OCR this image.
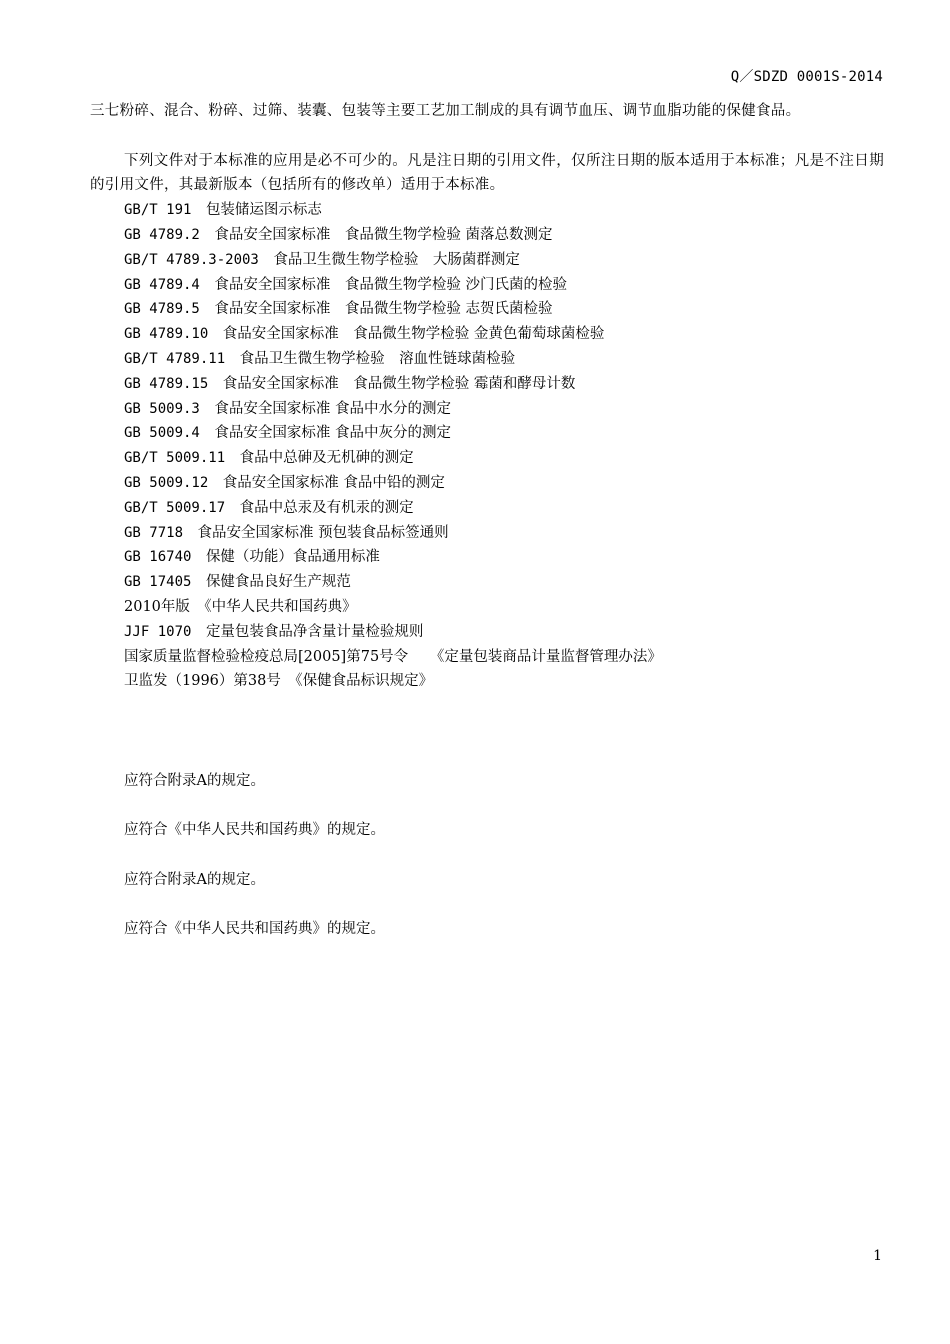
Q／SDZD 0001S-2014
三七粉碎、混合、粉碎、过筛、装囊、包装等主要工艺加工制成的具有调节血压、调节血脂功能的保健食品。

下列文件对于本标准的应用是必不可少的。凡是注日期的引用文件，仅所注日期的版本适用于本标准；凡是不注日期的引用文件，其最新版本（包括所有的修改单）适用于本标准。
GB/T 191　 包装储运图示标志
GB 4789.2　 食品安全国家标准　食品微生物学检验 菌落总数测定
GB/T 4789.3-2003　 食品卫生微生物学检验　大肠菌群测定
GB 4789.4　 食品安全国家标准　食品微生物学检验 沙门氏菌的检验
GB 4789.5　 食品安全国家标准　食品微生物学检验 志贺氏菌检验
GB 4789.10　 食品安全国家标准　食品微生物学检验 金黄色葡萄球菌检验
GB/T 4789.11　 食品卫生微生物学检验　溶血性链球菌检验
GB 4789.15　 食品安全国家标准　食品微生物学检验 霉菌和酵母计数
GB 5009.3　 食品安全国家标准 食品中水分的测定
GB 5009.4　 食品安全国家标准 食品中灰分的测定
GB/T 5009.11　 食品中总砷及无机砷的测定
GB 5009.12　 食品安全国家标准 食品中铅的测定
GB/T 5009.17　 食品中总汞及有机汞的测定
GB 7718　 食品安全国家标准 预包装食品标签通则
GB 16740　 保健（功能）食品通用标准
GB 17405　 保健食品良好生产规范
2010年版　 《中华人民共和国药典》
JJF 1070　 定量包装食品净含量计量检验规则
国家质量监督检验检疫总局[2005]第75号令　　 《定量包装商品计量监督管理办法》
卫监发（1996）第38号　 《保健食品标识规定》

应符合附录A的规定。

应符合《中华人民共和国药典》的规定。

应符合附录A的规定。

应符合《中华人民共和国药典》的规定。

1
